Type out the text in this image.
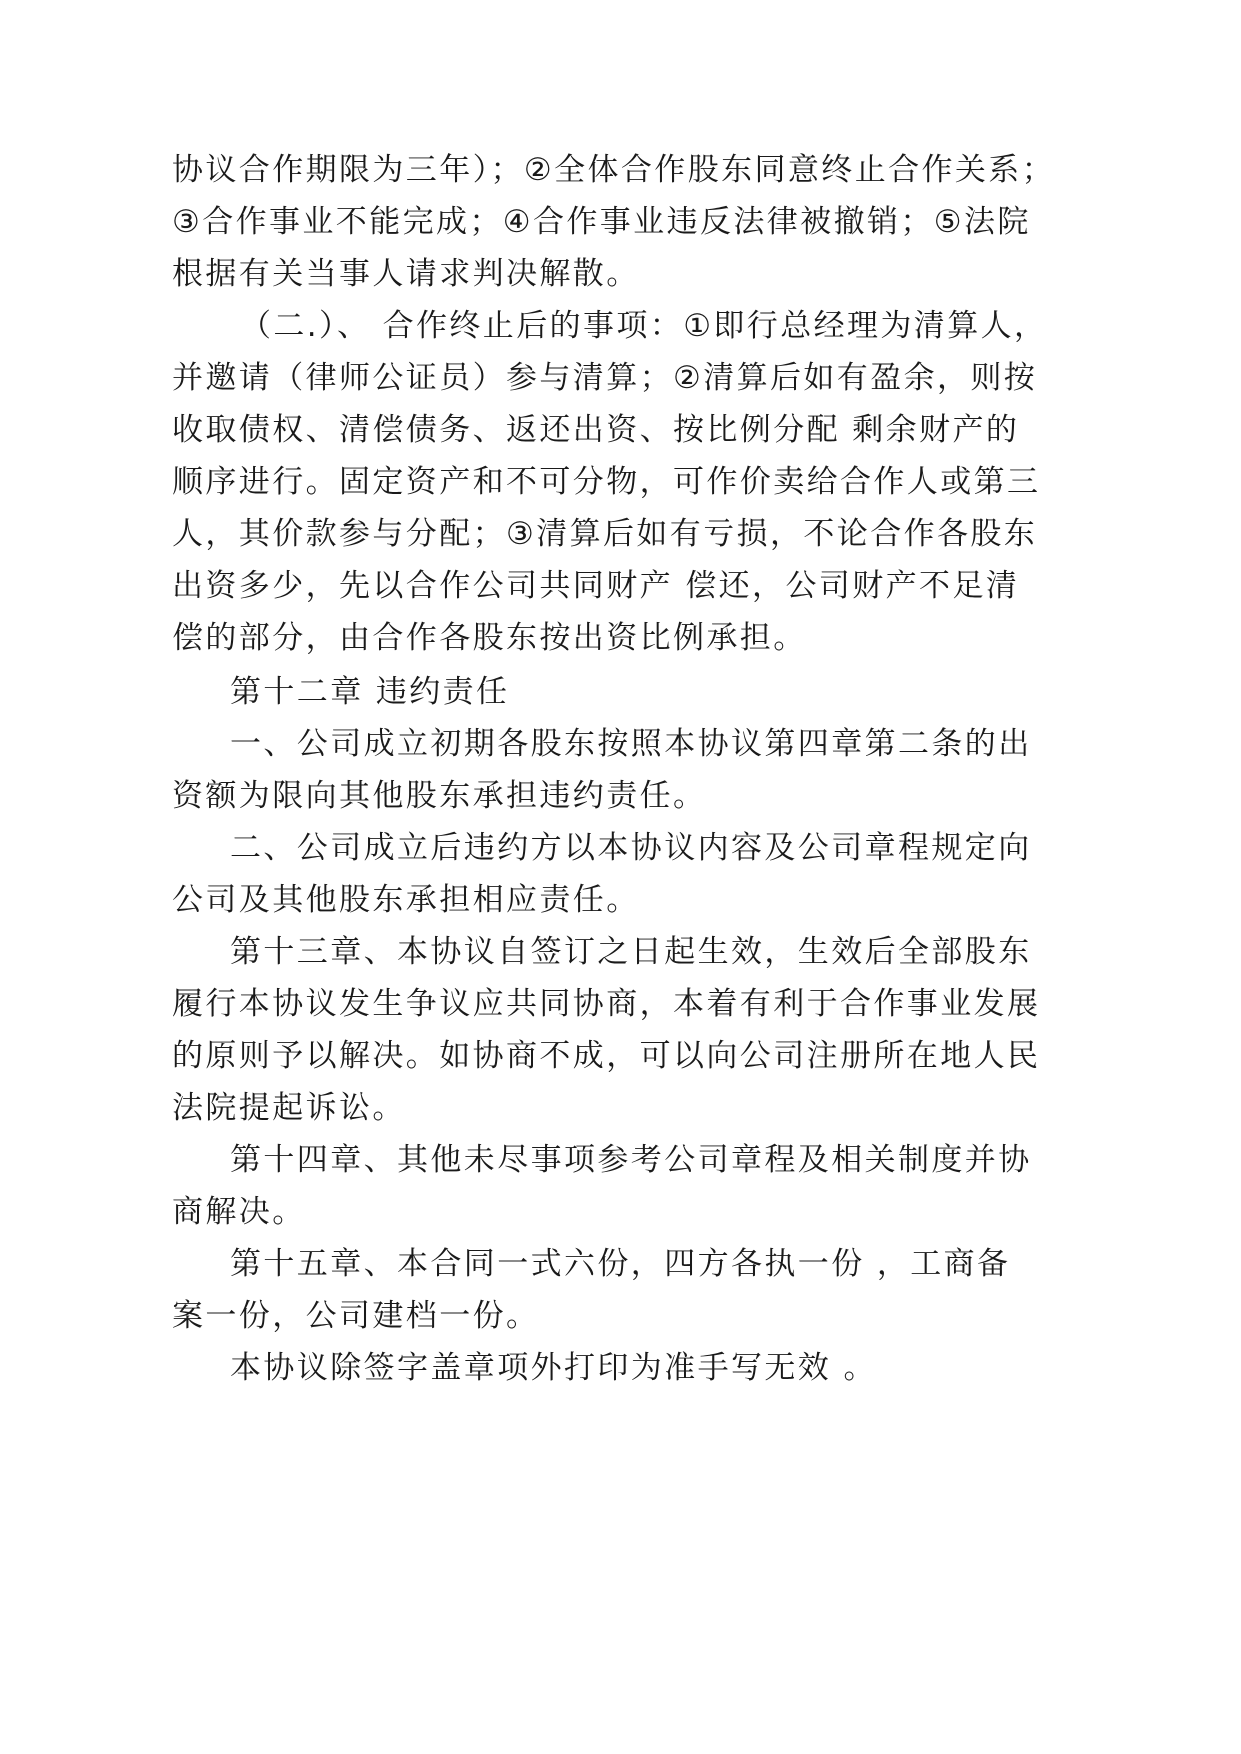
协议合作期限为三年）；②全体合作股东同意终止合作关系；
③合作事业不能完成；④合作事业违反法律被撤销；⑤法院
根据有关当事人请求判决解散。
（二.）、 合作终止后的事项：①即行总经理为清算人，
并邀请（律师公证员）参与清算；②清算后如有盈余，则按
收取债权、清偿债务、返还出资、按比例分配 剩余财产的
顺序进行。固定资产和不可分物，可作价卖给合作人或第三
人，其价款参与分配；③清算后如有亏损，不论合作各股东
出资多少，先以合作公司共同财产 偿还，公司财产不足清
偿的部分，由合作各股东按出资比例承担。
第十二章 违约责任
一、公司成立初期各股东按照本协议第四章第二条的出
资额为限向其他股东承担违约责任。
二、公司成立后违约方以本协议内容及公司章程规定向
公司及其他股东承担相应责任。
第十三章、本协议自签订之日起生效，生效后全部股东
履行本协议发生争议应共同协商，本着有利于合作事业发展
的原则予以解决。如协商不成，可以向公司注册所在地人民
法院提起诉讼。
第十四章、其他未尽事项参考公司章程及相关制度并协
商解决。
第十五章、本合同一式六份，四方各执一份 ，工商备
案一份，公司建档一份。
本协议除签字盖章项外打印为准手写无效 。
